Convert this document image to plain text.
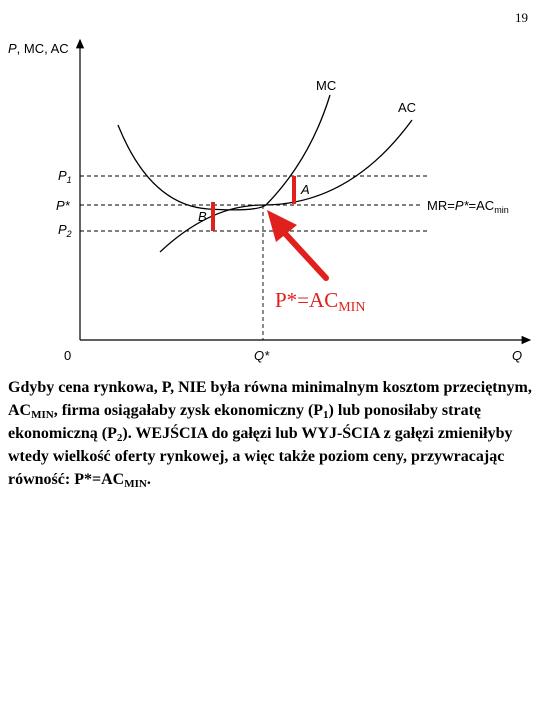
19
P, MC, AC
Q
0
$P_1$
P*
$P_2$
Q*
$MR=P*=AC_{min}$
MC
AC
A
B
P*=ACMIN

Gdyby cena rynkowa, P, NIE była równa minimalnym kosztom przeciętnym, $AC_{MIN}$, firma osiągałaby zysk ekonomiczny $(P_1)$ lub ponosiłaby stratę ekonomiczną $(P_2)$. WEJŚCIA do gałęzi lub WYJ-ŚCIA z gałęzi zmieniłyby wtedy wielkość oferty rynkowej, a więc także poziom ceny, przywracając równość: $P*=AC_{MIN}$.
